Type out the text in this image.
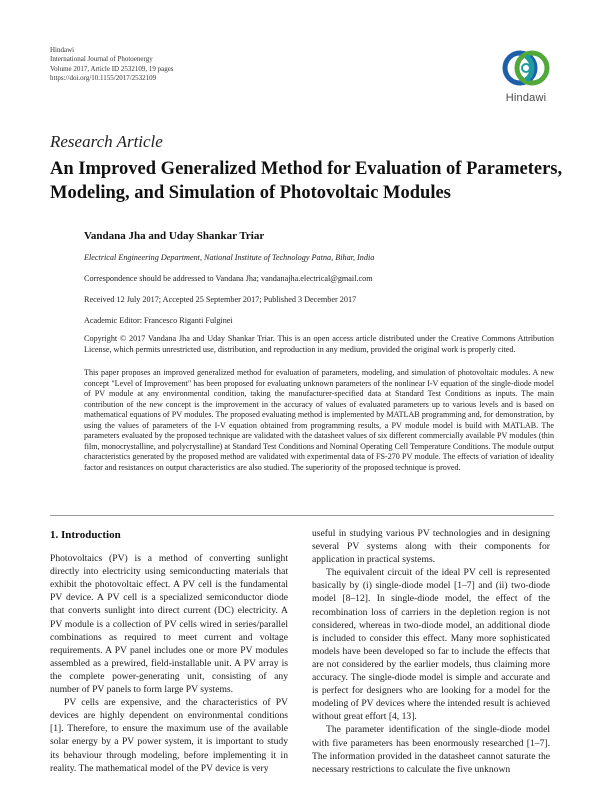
Hindawi
International Journal of Photoenergy
Volume 2017, Article ID 2532109, 19 pages
https://doi.org/10.1155/2017/2532109
Hindawi
Research Article
An Improved Generalized Method for Evaluation of Parameters, Modeling, and Simulation of Photovoltaic Modules
Vandana Jha and Uday Shankar Triar
Electrical Engineering Department, National Institute of Technology Patna, Bihar, India
Correspondence should be addressed to Vandana Jha; vandanajha.electrical@gmail.com
Received 12 July 2017; Accepted 25 September 2017; Published 3 December 2017
Academic Editor: Francesco Riganti Fulginei
Copyright © 2017 Vandana Jha and Uday Shankar Triar. This is an open access article distributed under the Creative Commons Attribution License, which permits unrestricted use, distribution, and reproduction in any medium, provided the original work is properly cited.
This paper proposes an improved generalized method for evaluation of parameters, modeling, and simulation of photovoltaic modules. A new concept "Level of Improvement" has been proposed for evaluating unknown parameters of the nonlinear I-V equation of the single-diode model of PV module at any environmental condition, taking the manufacturer-specified data at Standard Test Conditions as inputs. The main contribution of the new concept is the improvement in the accuracy of values of evaluated parameters up to various levels and is based on mathematical equations of PV modules. The proposed evaluating method is implemented by MATLAB programming and, for demonstration, by using the values of parameters of the I-V equation obtained from programming results, a PV module model is build with MATLAB. The parameters evaluated by the proposed technique are validated with the datasheet values of six different commercially available PV modules (thin film, monocrystalline, and polycrystalline) at Standard Test Conditions and Nominal Operating Cell Temperature Conditions. The module output characteristics generated by the proposed method are validated with experimental data of FS-270 PV module. The effects of variation of ideality factor and resistances on output characteristics are also studied. The superiority of the proposed technique is proved.
1. Introduction

Photovoltaics (PV) is a method of converting sunlight directly into electricity using semiconducting materials that exhibit the photovoltaic effect. A PV cell is the fundamental PV device. A PV cell is a specialized semiconductor diode that converts sunlight into direct current (DC) electricity. A PV module is a collection of PV cells wired in series/parallel combinations as required to meet current and voltage requirements. A PV panel includes one or more PV modules assembled as a prewired, field-installable unit. A PV array is the complete power-generating unit, consisting of any number of PV panels to form large PV systems.

PV cells are expensive, and the characteristics of PV devices are highly dependent on environmental conditions [1]. Therefore, to ensure the maximum use of the available solar energy by a PV power system, it is important to study its behaviour through modeling, before implementing it in reality. The mathematical model of the PV device is very

useful in studying various PV technologies and in designing several PV systems along with their components for application in practical systems.

The equivalent circuit of the ideal PV cell is represented basically by (i) single-diode model [1–7] and (ii) two-diode model [8–12]. In single-diode model, the effect of the recombination loss of carriers in the depletion region is not considered, whereas in two-diode model, an additional diode is included to consider this effect. Many more sophisticated models have been developed so far to include the effects that are not considered by the earlier models, thus claiming more accuracy. The single-diode model is simple and accurate and is perfect for designers who are looking for a model for the modeling of PV devices where the intended result is achieved without great effort [4, 13].

The parameter identification of the single-diode model with five parameters has been enormously researched [1–7]. The information provided in the datasheet cannot saturate the necessary restrictions to calculate the five unknown
